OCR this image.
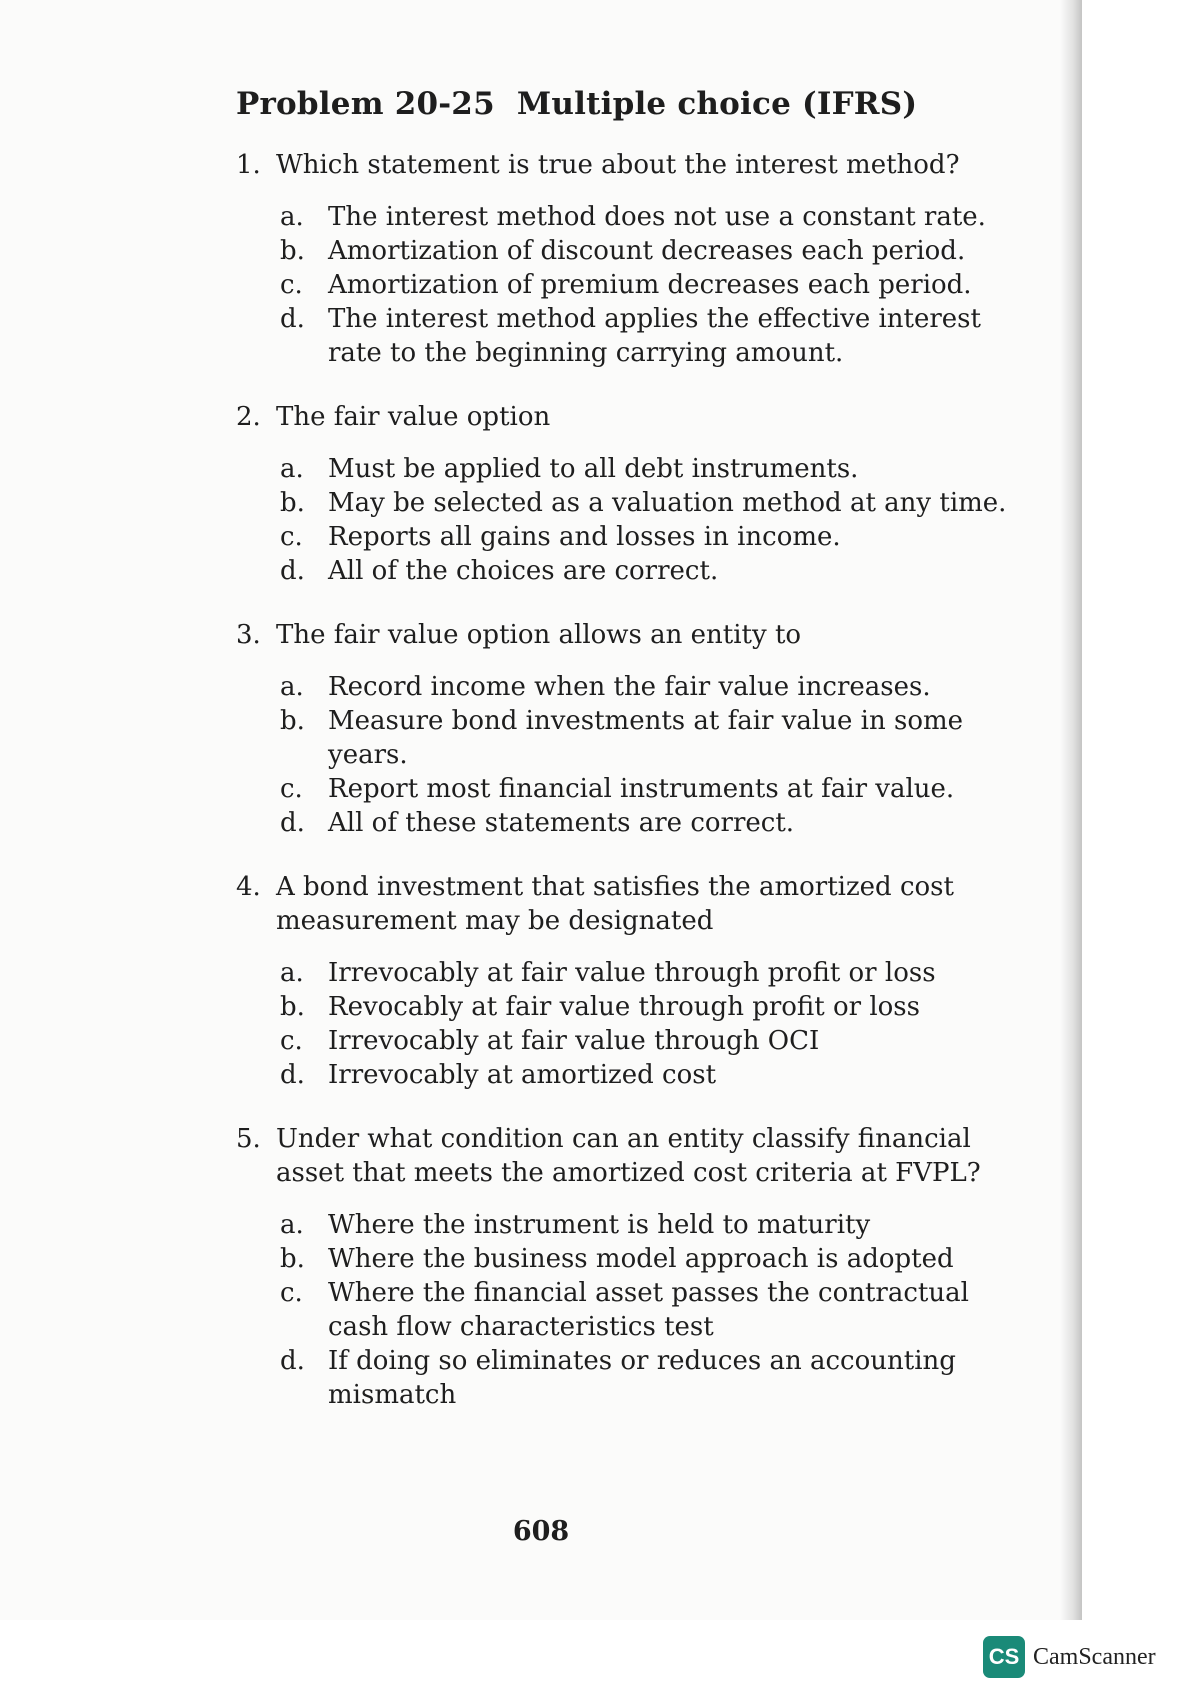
Problem 20-25 Multiple choice (IFRS)
1. Which statement is true about the interest method?
a. The interest method does not use a constant rate.
b. Amortization of discount decreases each period.
c. Amortization of premium decreases each period.
d. The interest method applies the effective interest rate to the beginning carrying amount.
2. The fair value option
a. Must be applied to all debt instruments.
b. May be selected as a valuation method at any time.
c. Reports all gains and losses in income.
d. All of the choices are correct.
3. The fair value option allows an entity to
a. Record income when the fair value increases.
b. Measure bond investments at fair value in some years.
c. Report most financial instruments at fair value.
d. All of these statements are correct.
4. A bond investment that satisfies the amortized cost measurement may be designated
a. Irrevocably at fair value through profit or loss
b. Revocably at fair value through profit or loss
c. Irrevocably at fair value through OCI
d. Irrevocably at amortized cost
5. Under what condition can an entity classify financial asset that meets the amortized cost criteria at FVPL?
a. Where the instrument is held to maturity
b. Where the business model approach is adopted
c. Where the financial asset passes the contractual cash flow characteristics test
d. If doing so eliminates or reduces an accounting mismatch
608
CS CamScanner
